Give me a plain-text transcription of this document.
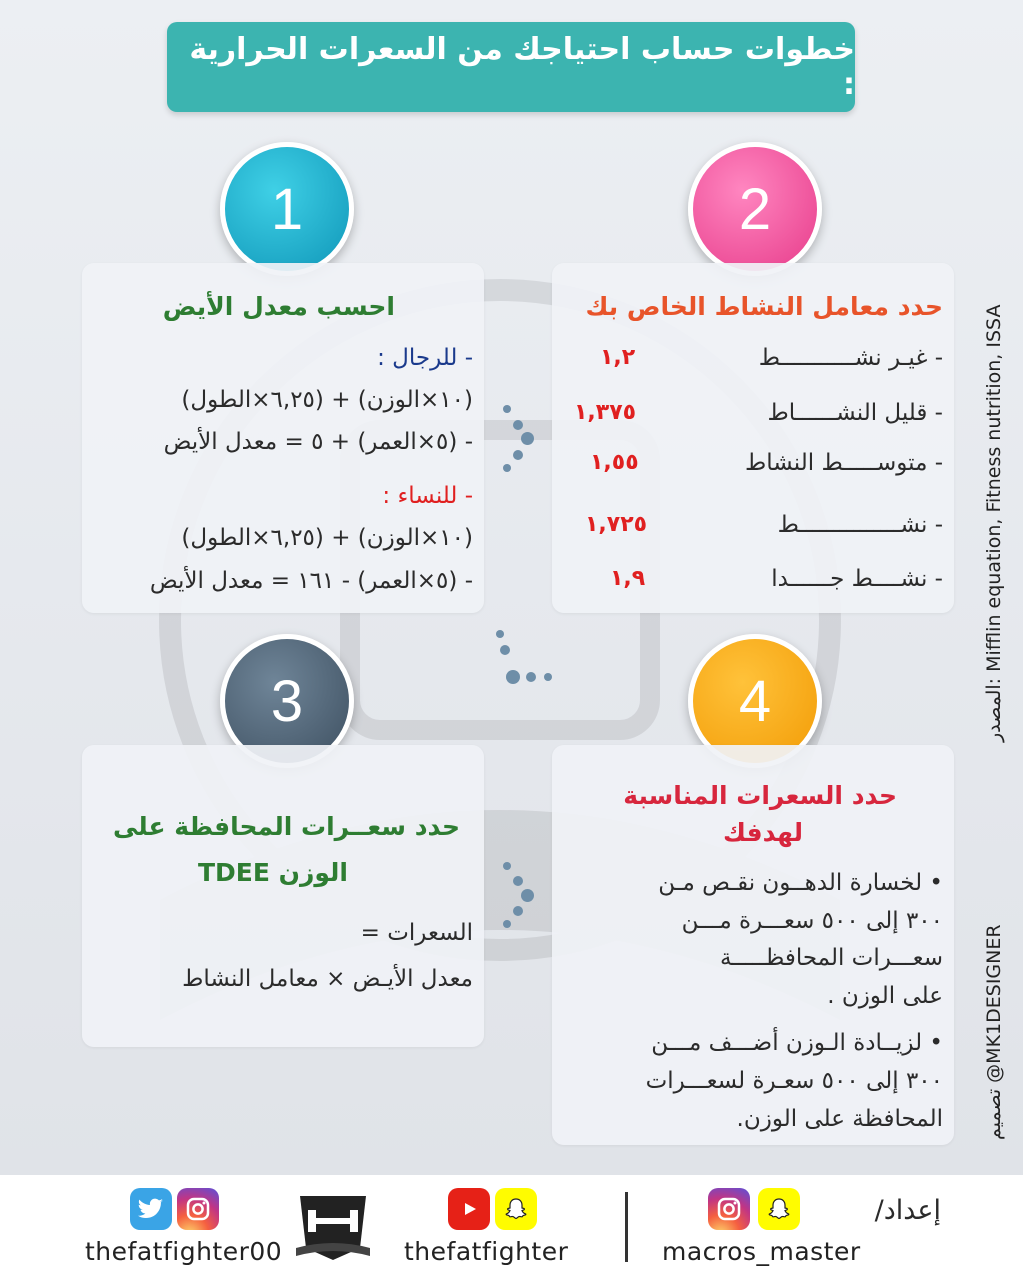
خطوات حساب احتياجك من السعرات الحرارية :
1	2
3	4
احسب معدل الأيض
- للرجال :
(١٠×الوزن) + (٦,٢٥×الطول)
- (٥×العمر) + ٥ = معدل الأيض
- للنساء :
(١٠×الوزن) + (٦,٢٥×الطول)
- (٥×العمر) - ١٦١ = معدل الأيض
حدد معامل النشاط الخاص بك
- غيـر نشـــــــــــط
١,٢
- قليل النشــــــاط
١,٣٧٥
- متوســـــط النشاط
١,٥٥
- نشـــــــــــــــط
١,٧٢٥
- نشــــط جــــــدا
١,٩
حدد سعــرات المحافظة على
الوزن TDEE
السعرات =
معدل الأيـض × معامل النشاط
حدد السعرات المناسبة
لهدفك
• لخسارة الدهــون نقـص مـن
٣٠٠ إلى ٥٠٠ سعـــرة مـــن
سعـــرات المحافظـــــة
على الوزن .
• لزيــادة الـوزن أضـــف مـــن
٣٠٠ إلى ٥٠٠ سعـرة لسعـــرات
المحافظة على الوزن.
المصدر: Mifflin equation, Fitness nutrition, ISSA
تصميم @MK1DESIGNER
thefatfighter00	thefatfighter	macros_master
إعداد/
